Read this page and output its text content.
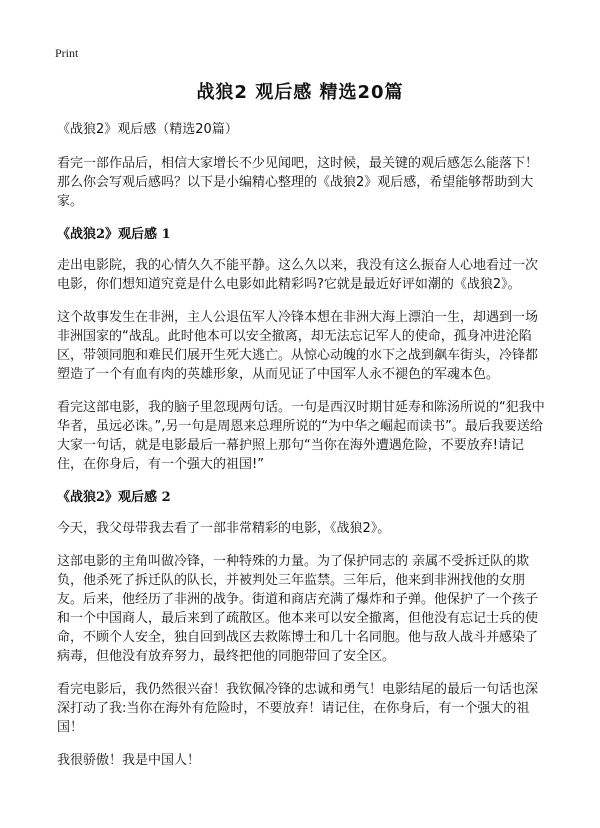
Print
战狼2 观后感 精选20篇

《战狼2》观后感（精选20篇）

看完一部作品后，相信大家增长不少见闻吧，这时候，最关键的观后感怎么能落下！那么你会写观后感吗？以下是小编精心整理的《战狼2》观后感，希望能够帮助到大家。

《战狼2》观后感 1

走出电影院，我的心情久久不能平静。这么久以来，我没有这么振奋人心地看过一次电影，你们想知道究竟是什么电影如此精彩吗?它就是最近好评如潮的《战狼2》。

这个故事发生在非洲，主人公退伍军人冷锋本想在非洲大海上漂泊一生，却遇到一场非洲国家的“战乱。此时他本可以安全撤离，却无法忘记军人的使命，孤身冲进沦陷区，带领同胞和难民们展开生死大逃亡。从惊心动魄的水下之战到飙车街头，冷锋都塑造了一个有血有肉的英雄形象，从而见证了中国军人永不褪色的军魂本色。

看完这部电影，我的脑子里忽现两句话。一句是西汉时期甘延寿和陈汤所说的“犯我中华者，虽远必诛。”,另一句是周恩来总理所说的“为中华之崛起而读书”。最后我要送给大家一句话，就是电影最后一幕护照上那句“当你在海外遭遇危险，不要放弃!请记住，在你身后，有一个强大的祖国!”

《战狼2》观后感 2

今天，我父母带我去看了一部非常精彩的电影，《战狼2》。

这部电影的主角叫做冷锋，一种特殊的力量。为了保护同志的 亲属不受拆迁队的欺负，他杀死了拆迁队的队长，并被判处三年监禁。三年后，他来到非洲找他的女朋友。后来，他经历了非洲的战争。街道和商店充满了爆炸和子弹。他保护了一个孩子和一个中国商人，最后来到了疏散区。他本来可以安全撤离，但他没有忘记士兵的使命，不顾个人安全，独自回到战区去救陈博士和几十名同胞。他与敌人战斗并感染了病毒，但他没有放弃努力，最终把他的同胞带回了安全区。

看完电影后，我仍然很兴奋！我钦佩冷锋的忠诚和勇气！电影结尾的最后一句话也深深打动了我:当你在海外有危险时，不要放弃！请记住，在你身后，有一个强大的祖国！

我很骄傲！我是中国人！
